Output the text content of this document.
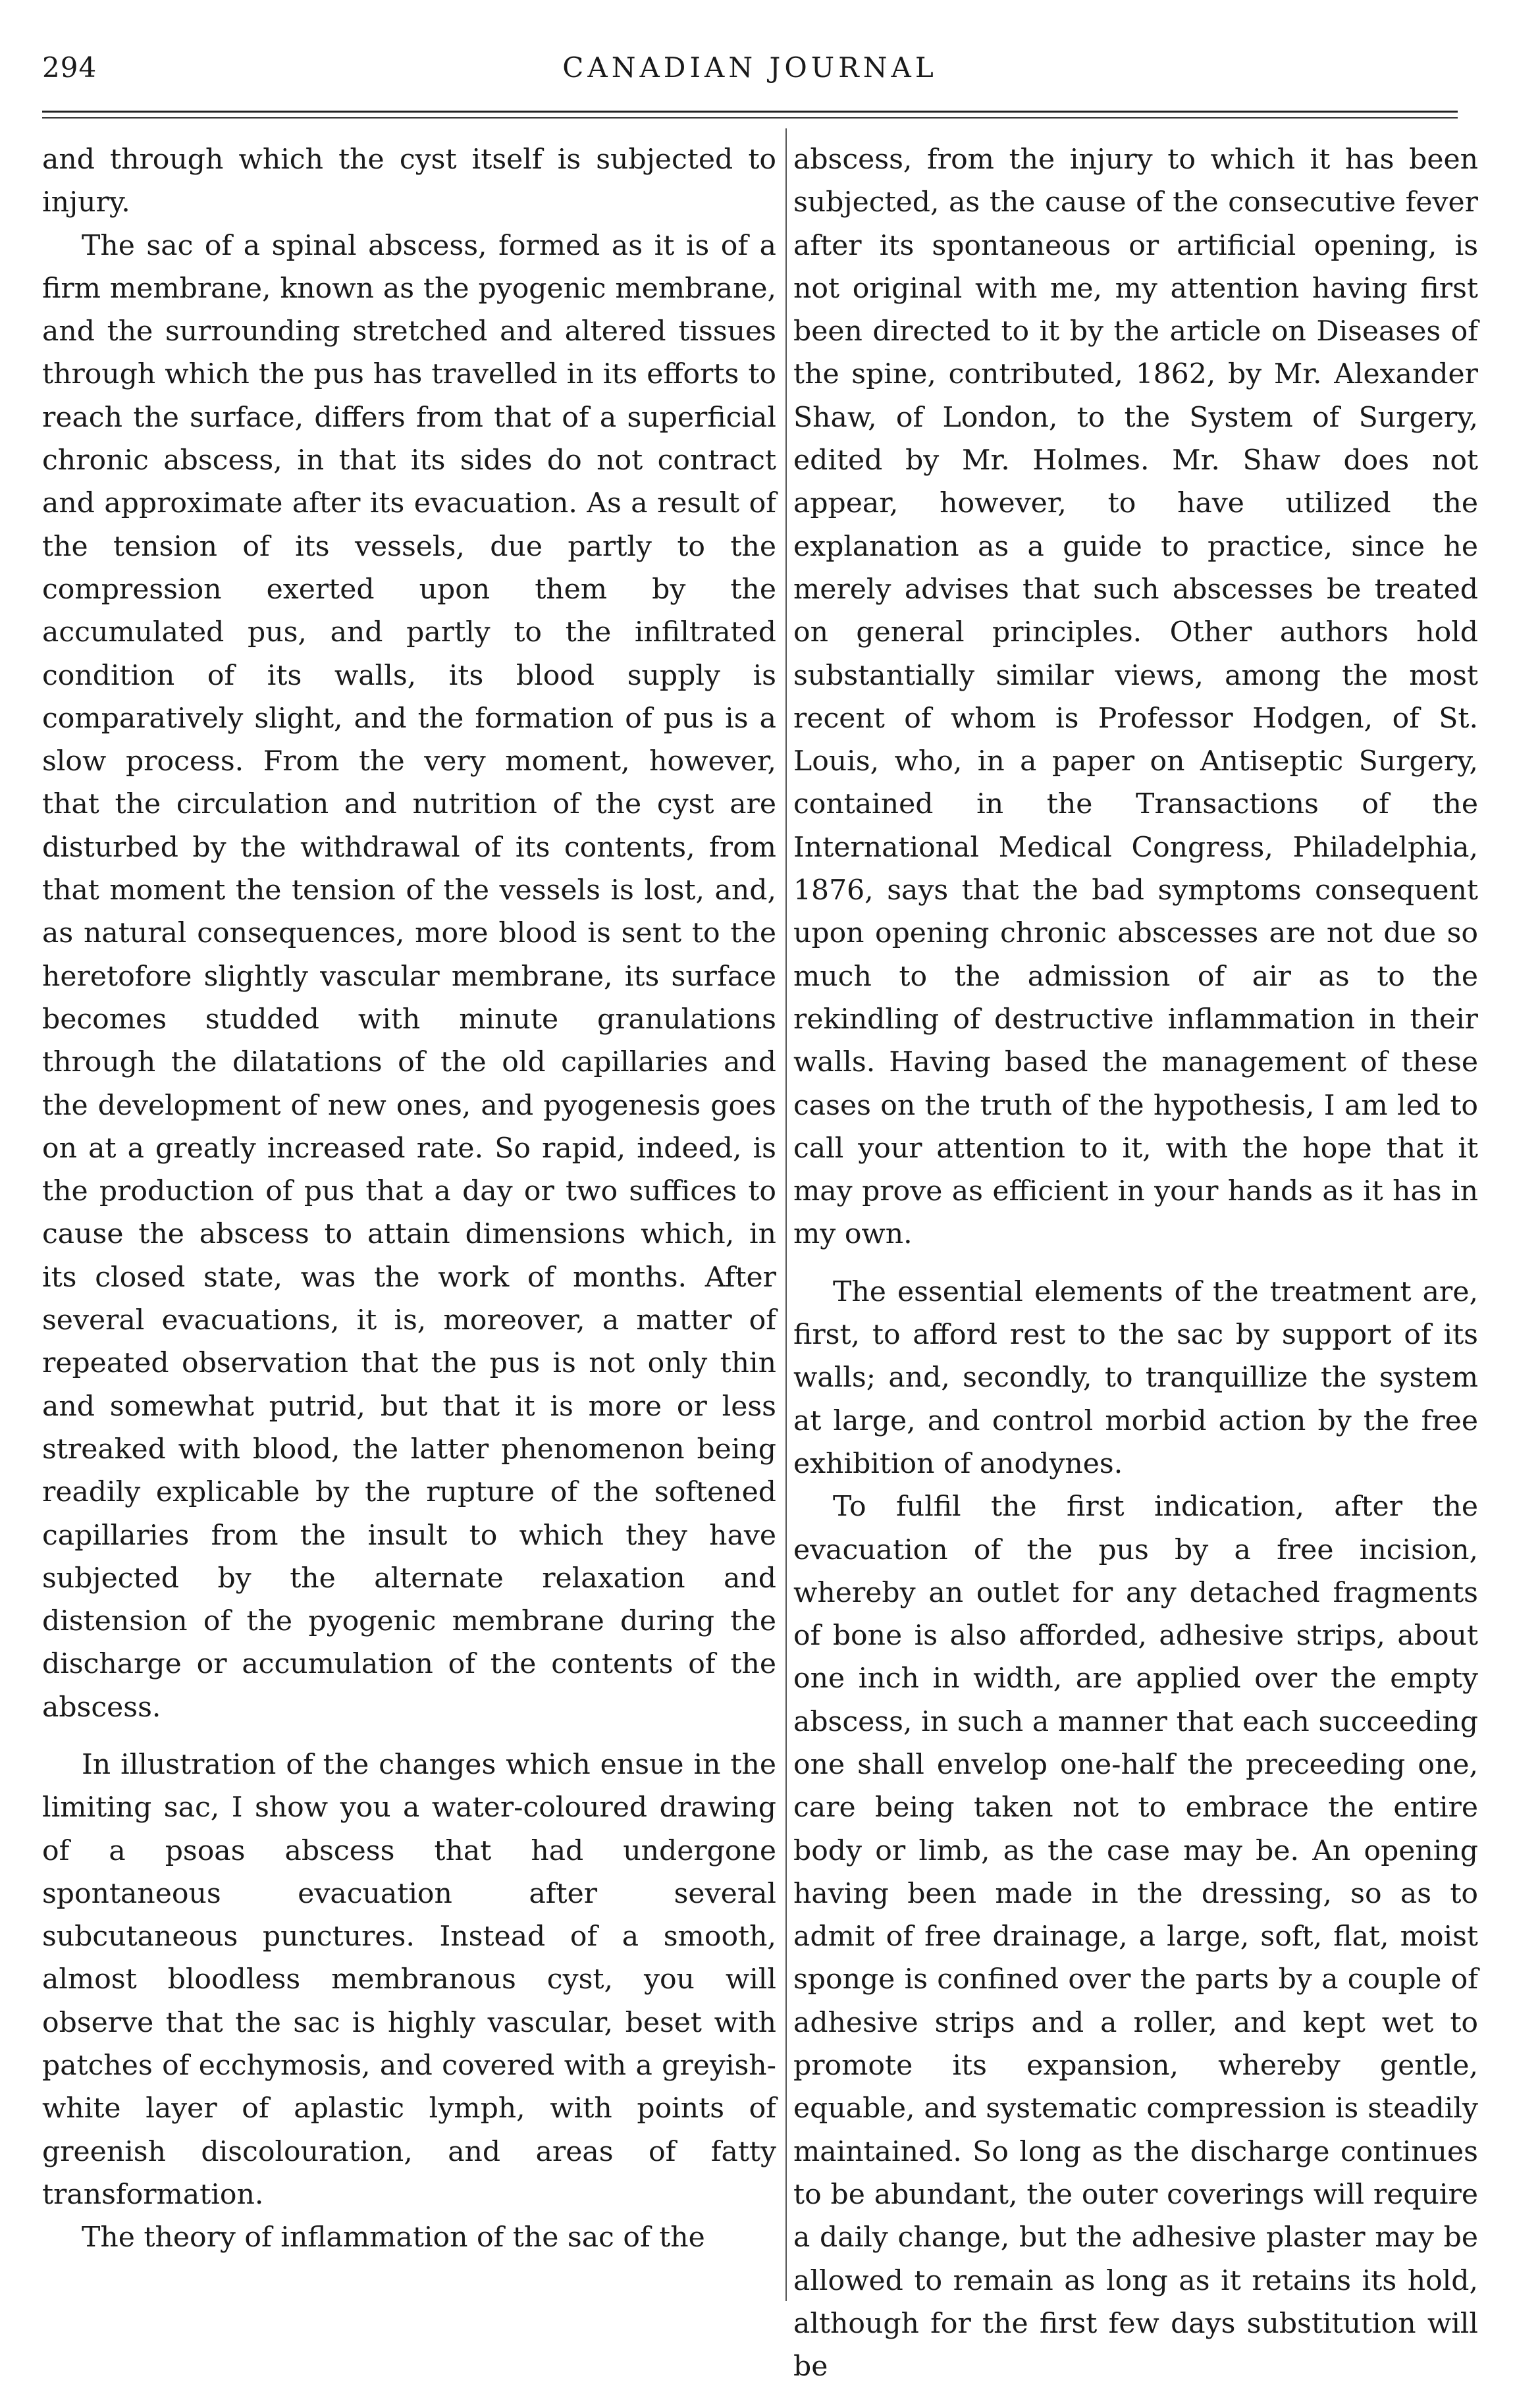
294	CANADIAN JOURNAL

and through which the cyst itself is subjected to injury.

The sac of a spinal abscess, formed as it is of a firm membrane, known as the pyogenic membrane, and the surrounding stretched and altered tissues through which the pus has travelled in its efforts to reach the surface, differs from that of a superficial chronic abscess, in that its sides do not contract and approximate after its evacuation. As a result of the tension of its vessels, due partly to the compression exerted upon them by the accumulated pus, and partly to the infiltrated condition of its walls, its blood supply is comparatively slight, and the formation of pus is a slow process. From the very moment, however, that the circulation and nutrition of the cyst are disturbed by the withdrawal of its contents, from that moment the tension of the vessels is lost, and, as natural consequences, more blood is sent to the heretofore slightly vascular membrane, its surface becomes studded with minute granulations through the dilatations of the old capillaries and the development of new ones, and pyogenesis goes on at a greatly increased rate. So rapid, indeed, is the production of pus that a day or two suffices to cause the abscess to attain dimensions which, in its closed state, was the work of months. After several evacuations, it is, moreover, a matter of repeated observation that the pus is not only thin and somewhat putrid, but that it is more or less streaked with blood, the latter phenomenon being readily explicable by the rupture of the softened capillaries from the insult to which they have subjected by the alternate relaxation and distension of the pyogenic membrane during the discharge or accumulation of the contents of the abscess.

In illustration of the changes which ensue in the limiting sac, I show you a water-coloured drawing of a psoas abscess that had undergone spontaneous evacuation after several subcutaneous punctures. Instead of a smooth, almost bloodless membranous cyst, you will observe that the sac is highly vascular, beset with patches of ecchymosis, and covered with a greyish-white layer of aplastic lymph, with points of greenish discolouration, and areas of fatty transformation.

The theory of inflammation of the sac of the

abscess, from the injury to which it has been subjected, as the cause of the consecutive fever after its spontaneous or artificial opening, is not original with me, my attention having first been directed to it by the article on Diseases of the spine, contributed, 1862, by Mr. Alexander Shaw, of London, to the System of Surgery, edited by Mr. Holmes. Mr. Shaw does not appear, however, to have utilized the explanation as a guide to practice, since he merely advises that such abscesses be treated on general principles. Other authors hold substantially similar views, among the most recent of whom is Professor Hodgen, of St. Louis, who, in a paper on Antiseptic Surgery, contained in the Transactions of the International Medical Congress, Philadelphia, 1876, says that the bad symptoms consequent upon opening chronic abscesses are not due so much to the admission of air as to the rekindling of destructive inflammation in their walls. Having based the management of these cases on the truth of the hypothesis, I am led to call your attention to it, with the hope that it may prove as efficient in your hands as it has in my own.

The essential elements of the treatment are, first, to afford rest to the sac by support of its walls; and, secondly, to tranquillize the system at large, and control morbid action by the free exhibition of anodynes.

To fulfil the first indication, after the evacuation of the pus by a free incision, whereby an outlet for any detached fragments of bone is also afforded, adhesive strips, about one inch in width, are applied over the empty abscess, in such a manner that each succeeding one shall envelop one-half the preceeding one, care being taken not to embrace the entire body or limb, as the case may be. An opening having been made in the dressing, so as to admit of free drainage, a large, soft, flat, moist sponge is confined over the parts by a couple of adhesive strips and a roller, and kept wet to promote its expansion, whereby gentle, equable, and systematic compression is steadily maintained. So long as the discharge continues to be abundant, the outer coverings will require a daily change, but the adhesive plaster may be allowed to remain as long as it retains its hold, although for the first few days substitution will be
